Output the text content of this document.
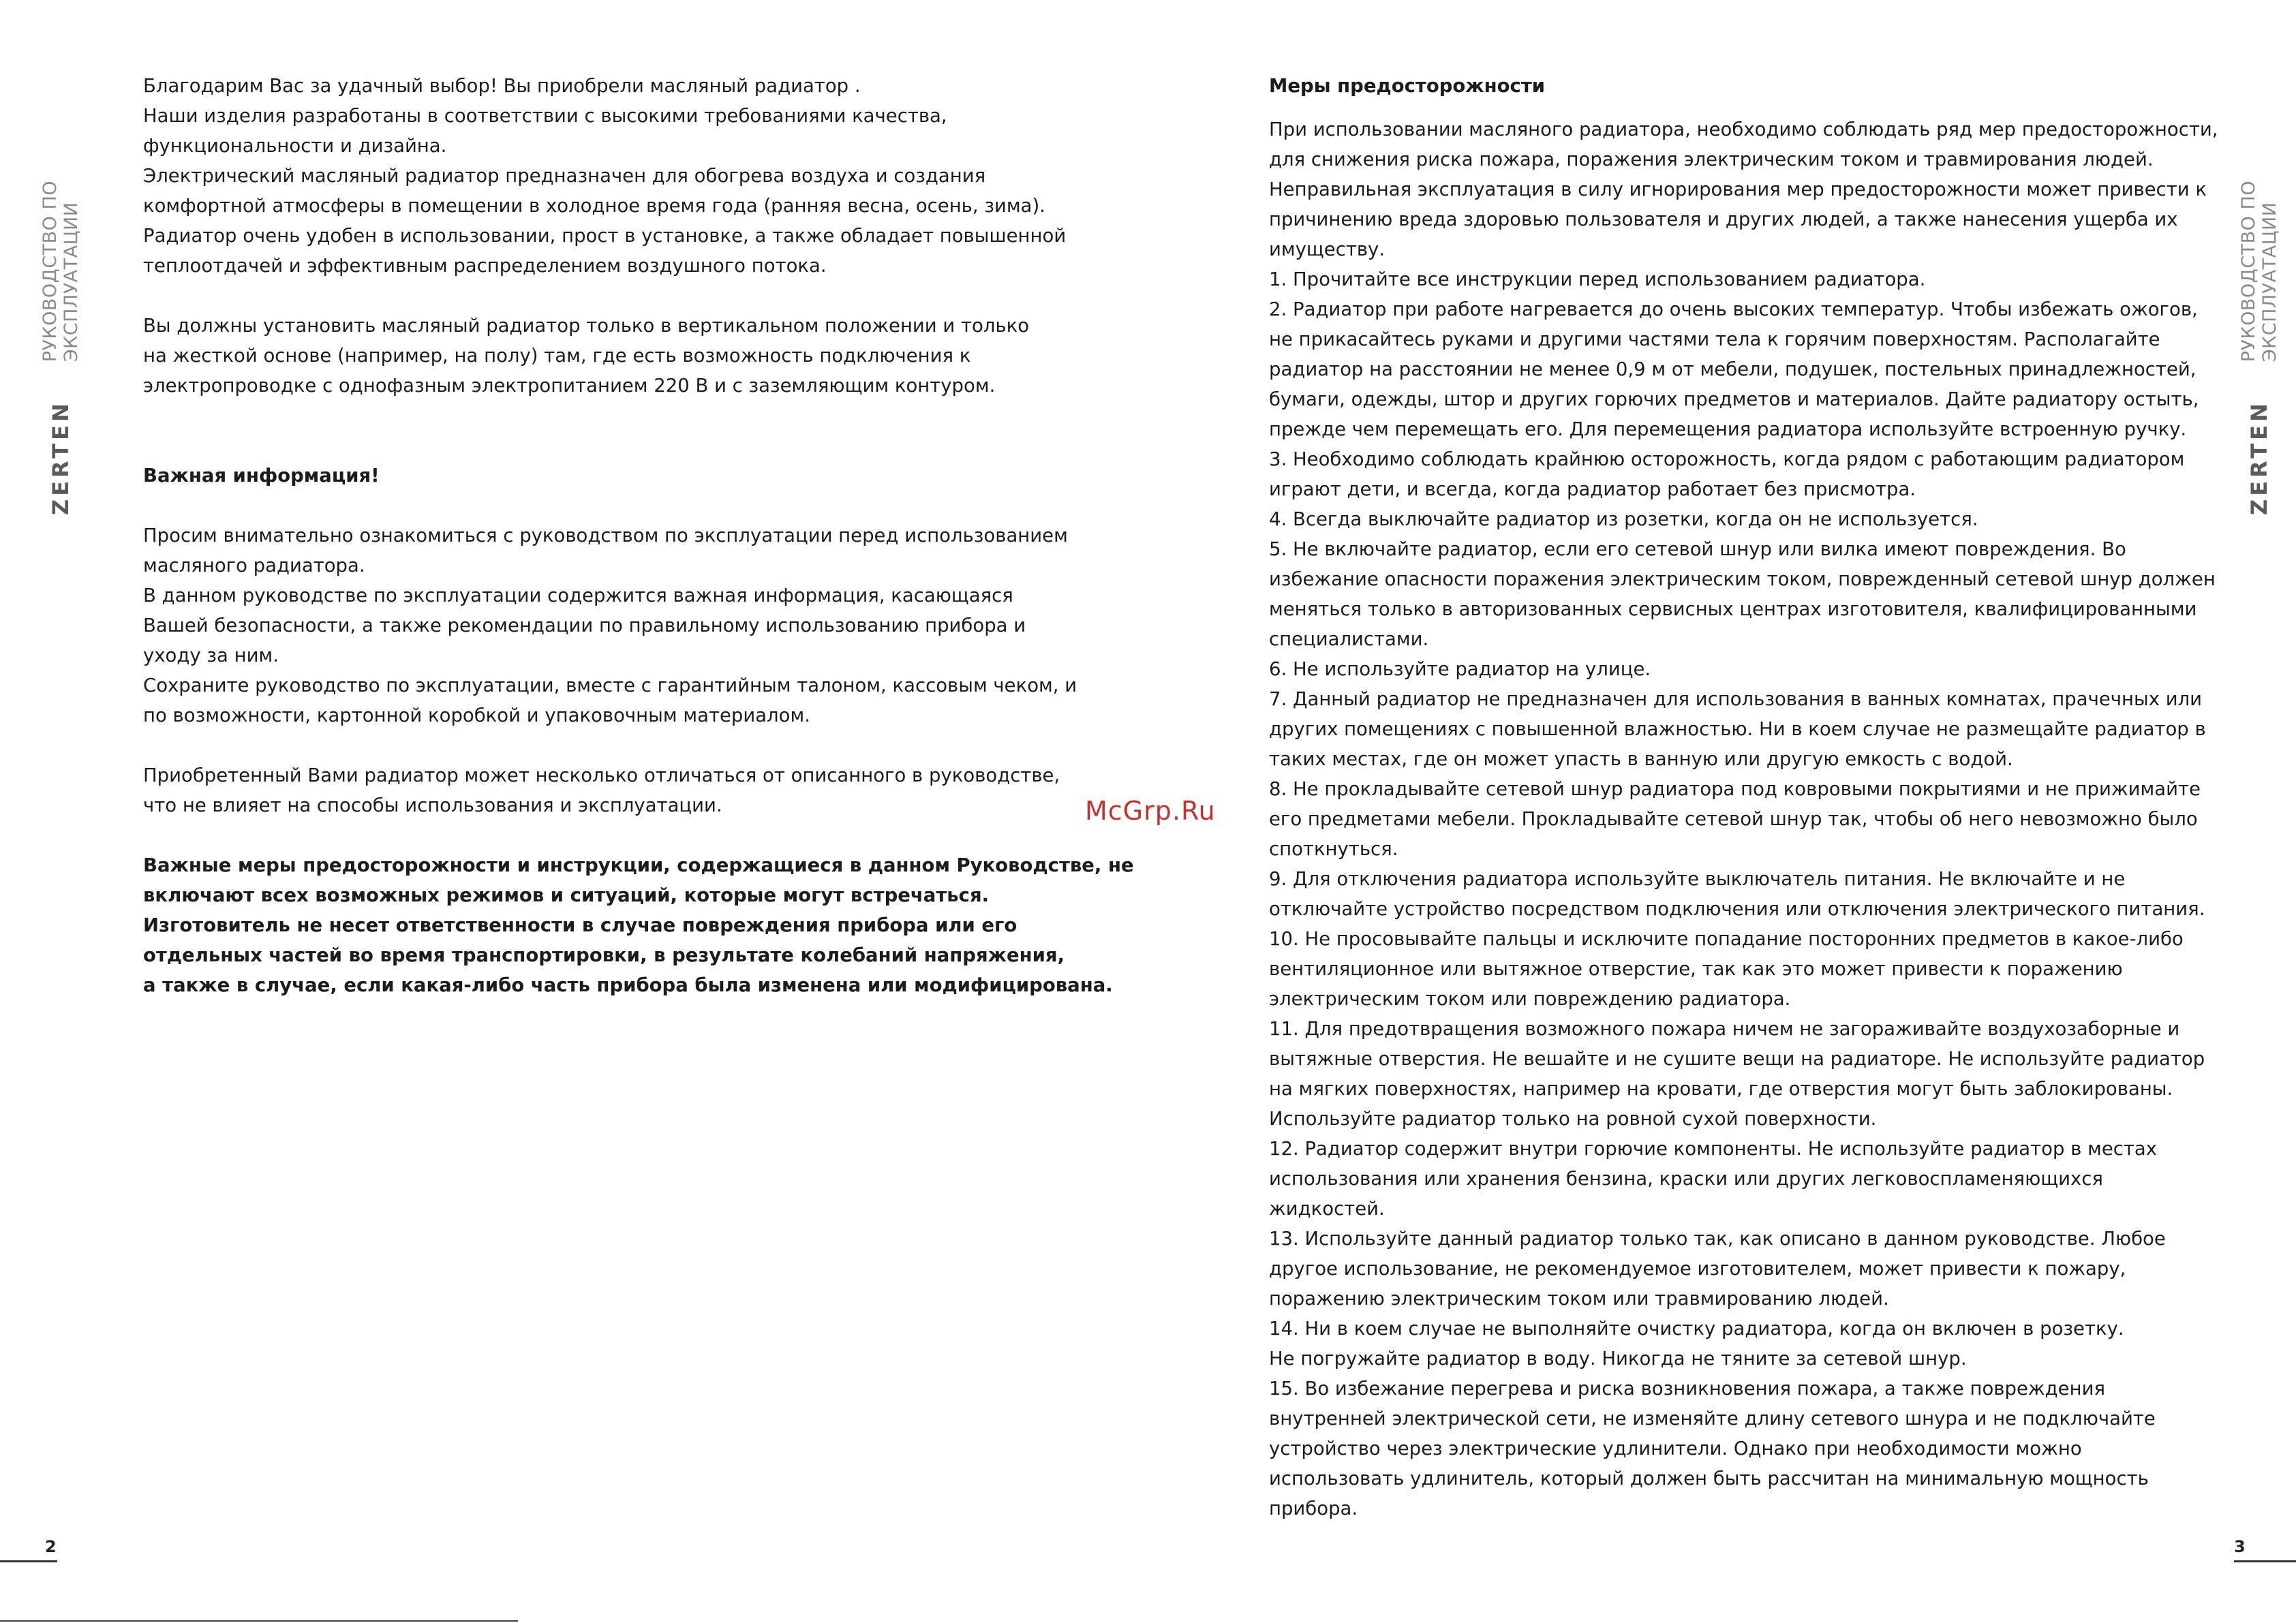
ZERTEN
РУКОВОДСТВО ПО ЭКСПЛУАТАЦИИ
ZERTEN
РУКОВОДСТВО ПО ЭКСПЛУАТАЦИИ

Благодарим Вас за удачный выбор! Вы приобрели масляный радиатор .

Наши изделия разработаны в соответствии с высокими требованиями качества,

функциональности и дизайна.

Электрический масляный радиатор предназначен для обогрева воздуха и создания

комфортной атмосферы в помещении в холодное время года (ранняя весна, осень, зима).

Радиатор очень удобен в использовании, прост в установке, а также обладает повышенной

теплоотдачей и эффективным распределением воздушного потока.

Вы должны установить масляный радиатор только в вертикальном положении и только

на жесткой основе (например, на полу) там, где есть возможность подключения к

электропроводке с однофазным электропитанием 220 В и с заземляющим контуром.

Важная информация!

Просим внимательно ознакомиться с руководством по эксплуатации перед использованием

масляного радиатора.

В данном руководстве по эксплуатации содержится важная информация, касающаяся

Вашей безопасности, а также рекомендации по правильному использованию прибора и

уходу за ним.

Сохраните руководство по эксплуатации, вместе с гарантийным талоном, кассовым чеком, и

по возможности, картонной коробкой и упаковочным материалом.

Приобретенный Вами радиатор может несколько отличаться от описанного в руководстве,

что не влияет на способы использования и эксплуатации.

Важные меры предосторожности и инструкции, содержащиеся в данном Руководстве, не

включают всех возможных режимов и ситуаций, которые могут встречаться.

Изготовитель не несет ответственности в случае повреждения прибора или его

отдельных частей во время транспортировки, в результате колебаний напряжения,

а также в случае, если какая-либо часть прибора была изменена или модифицирована.

McGrp.Ru

Меры предосторожности

При использовании масляного радиатора, необходимо соблюдать ряд мер предосторожности,

для снижения риска пожара, поражения электрическим током и травмирования людей.

Неправильная эксплуатация в силу игнорирования мер предосторожности может привести к

причинению вреда здоровью пользователя и других людей, а также нанесения ущерба их

имуществу.

1. Прочитайте все инструкции перед использованием радиатора.

2. Радиатор при работе нагревается до очень высоких температур. Чтобы избежать ожогов,

не прикасайтесь руками и другими частями тела к горячим поверхностям. Располагайте

радиатор на расстоянии не менее 0,9 м от мебели, подушек, постельных принадлежностей,

бумаги, одежды, штор и других горючих предметов и материалов. Дайте радиатору остыть,

прежде чем перемещать его. Для перемещения радиатора используйте встроенную ручку.

3. Необходимо соблюдать крайнюю осторожность, когда рядом с работающим радиатором

играют дети, и всегда, когда радиатор работает без присмотра.

4. Всегда выключайте радиатор из розетки, когда он не используется.

5. Не включайте радиатор, если его сетевой шнур или вилка имеют повреждения. Во

избежание опасности поражения электрическим током, поврежденный сетевой шнур должен

меняться только в авторизованных сервисных центрах изготовителя, квалифицированными

специалистами.

6. Не используйте радиатор на улице.

7. Данный радиатор не предназначен для использования в ванных комнатах, прачечных или

других помещениях с повышенной влажностью. Ни в коем случае не размещайте радиатор в

таких местах, где он может упасть в ванную или другую емкость с водой.

8. Не прокладывайте сетевой шнур радиатора под ковровыми покрытиями и не прижимайте

его предметами мебели. Прокладывайте сетевой шнур так, чтобы об него невозможно было

споткнуться.

9. Для отключения радиатора используйте выключатель питания. Не включайте и не

отключайте устройство посредством подключения или отключения электрического питания.

10. Не просовывайте пальцы и исключите попадание посторонних предметов в какое-либо

вентиляционное или вытяжное отверстие, так как это может привести к поражению

электрическим током или повреждению радиатора.

11. Для предотвращения возможного пожара ничем не загораживайте воздухозаборные и

вытяжные отверстия. Не вешайте и не сушите вещи на радиаторе. Не используйте радиатор

на мягких поверхностях, например на кровати, где отверстия могут быть заблокированы.

Используйте радиатор только на ровной сухой поверхности.

12. Радиатор содержит внутри горючие компоненты. Не используйте радиатор в местах

использования или хранения бензина, краски или других легковоспламеняющихся

жидкостей.

13. Используйте данный радиатор только так, как описано в данном руководстве. Любое

другое использование, не рекомендуемое изготовителем, может привести к пожару,

поражению электрическим током или травмированию людей.

14. Ни в коем случае не выполняйте очистку радиатора, когда он включен в розетку.

Не погружайте радиатор в воду. Никогда не тяните за сетевой шнур.

15. Во избежание перегрева и риска возникновения пожара, а также повреждения

внутренней электрической сети, не изменяйте длину сетевого шнура и не подключайте

устройство через электрические удлинители. Однако при необходимости можно

использовать удлинитель, который должен быть рассчитан на минимальную мощность

прибора.

2	3
